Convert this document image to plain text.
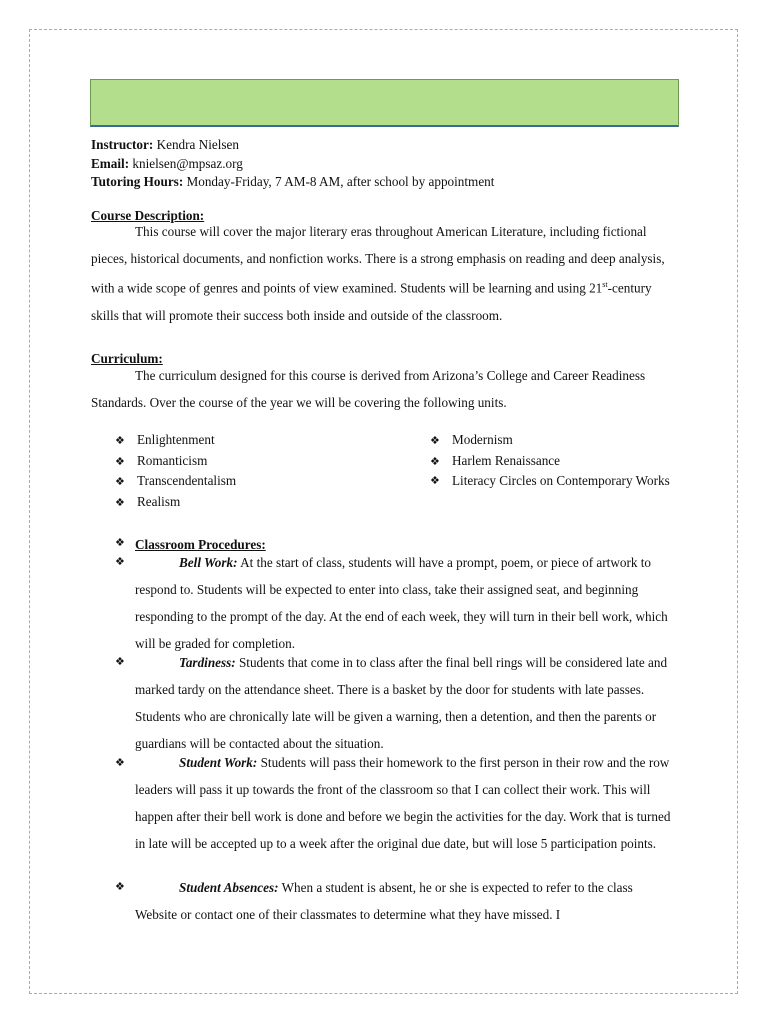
Instructor: Kendra Nielsen
Email: knielsen@mpsaz.org
Tutoring Hours: Monday-Friday, 7 AM-8 AM, after school by appointment
Course Description:

This course will cover the major literary eras throughout American Literature, including fictional pieces, historical documents, and nonfiction works. There is a strong emphasis on reading and deep analysis, with a wide scope of genres and points of view examined. Students will be learning and using 21st-century skills that will promote their success both inside and outside of the classroom.

Curriculum:

The curriculum designed for this course is derived from Arizona’s College and Career Readiness Standards. Over the course of the year we will be covering the following units.

❖ Enlightenment
❖ Romanticism
❖ Transcendentalism
❖ Realism
❖ Modernism
❖ Harlem Renaissance
❖ Literacy Circles on Contemporary Works
❖ Classroom Procedures:
❖	Bell Work: At the start of class, students will have a prompt, poem, or piece of artwork to respond to. Students will be expected to enter into class, take their assigned seat, and beginning responding to the prompt of the day. At the end of each week, they will turn in their bell work, which will be graded for completion.

❖	Tardiness: Students that come in to class after the final bell rings will be considered late and marked tardy on the attendance sheet. There is a basket by the door for students with late passes. Students who are chronically late will be given a warning, then a detention, and then the parents or guardians will be contacted about the situation.

❖	Student Work: Students will pass their homework to the first person in their row and the row leaders will pass it up towards the front of the classroom so that I can collect their work. This will happen after their bell work is done and before we begin the activities for the day. Work that is turned in late will be accepted up to a week after the original due date, but will lose 5 participation points.

❖	Student Absences: When a student is absent, he or she is expected to refer to the class Website or contact one of their classmates to determine what they have missed. I
